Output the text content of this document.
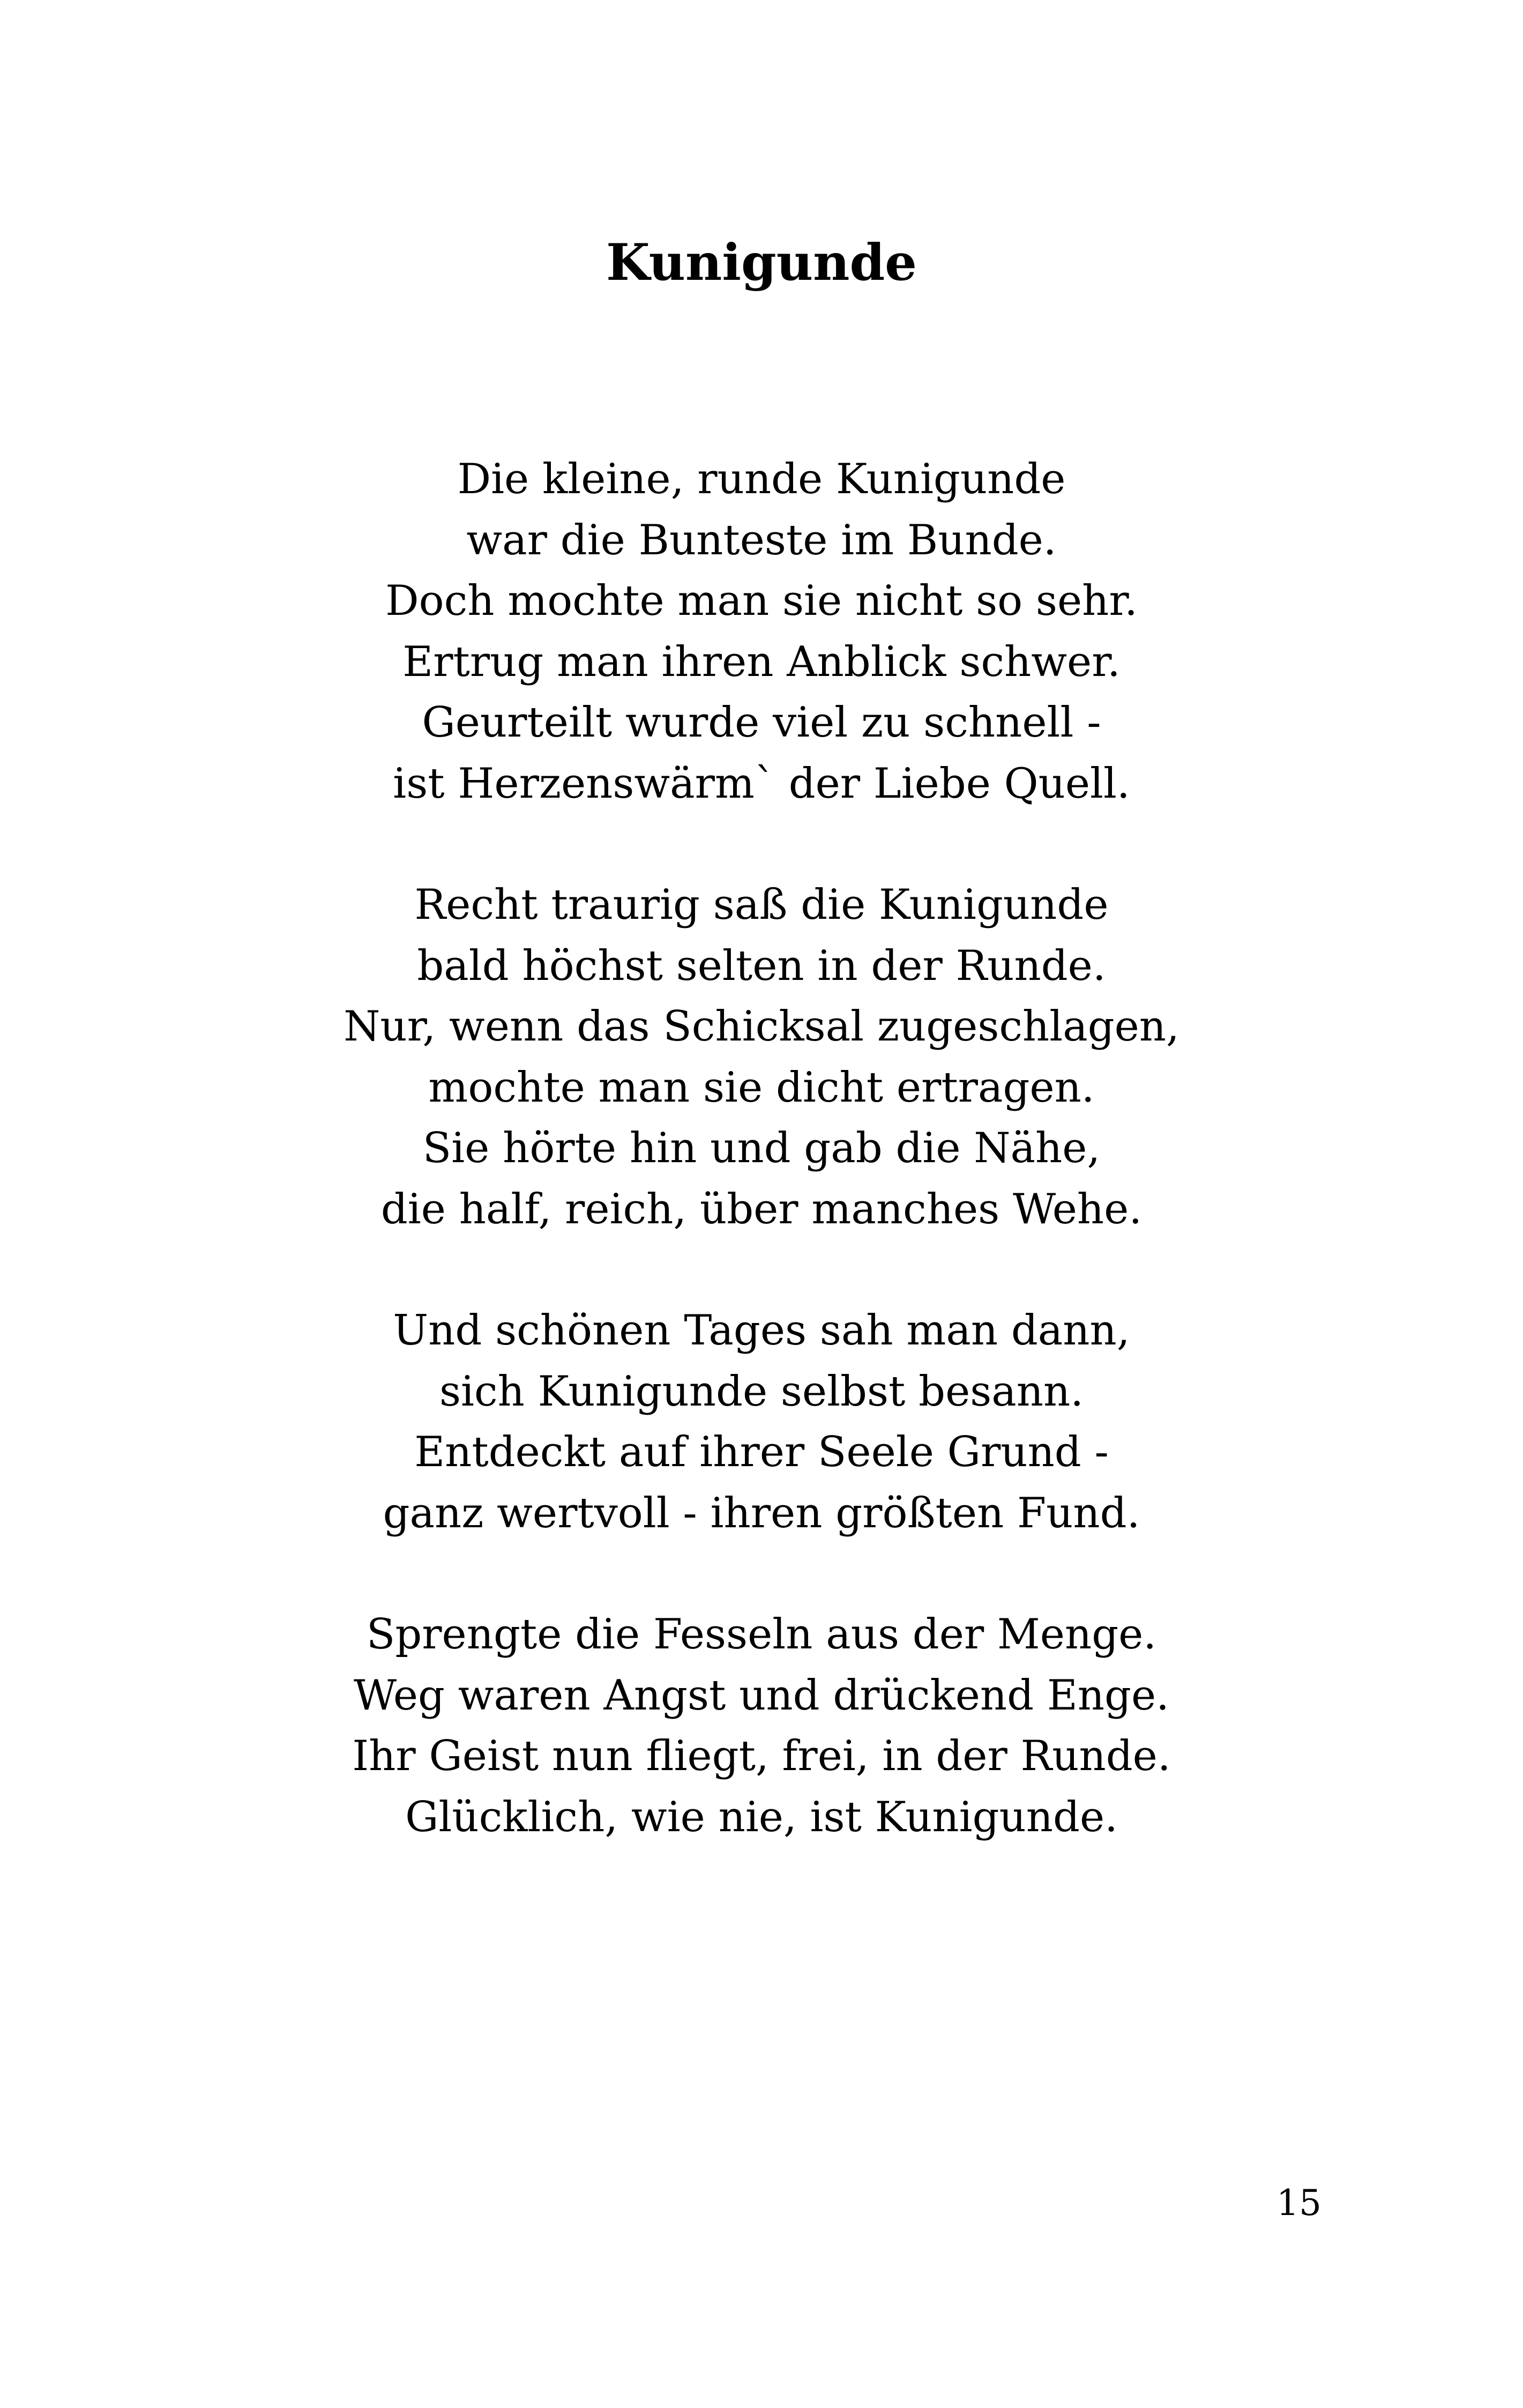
Kunigunde
Die kleine, runde Kunigunde
war die Bunteste im Bunde.
Doch mochte man sie nicht so sehr.
Ertrug man ihren Anblick schwer.
Geurteilt wurde viel zu schnell -
ist Herzenswärm` der Liebe Quell.
Recht traurig saß die Kunigunde
bald höchst selten in der Runde.
Nur, wenn das Schicksal zugeschlagen,
mochte man sie dicht ertragen.
Sie hörte hin und gab die Nähe,
die half, reich, über manches Wehe.
Und schönen Tages sah man dann,
sich Kunigunde selbst besann.
Entdeckt auf ihrer Seele Grund -
ganz wertvoll - ihren größten Fund.
Sprengte die Fesseln aus der Menge.
Weg waren Angst und drückend Enge.
Ihr Geist nun fliegt, frei, in der Runde.
Glücklich, wie nie, ist Kunigunde.
15
